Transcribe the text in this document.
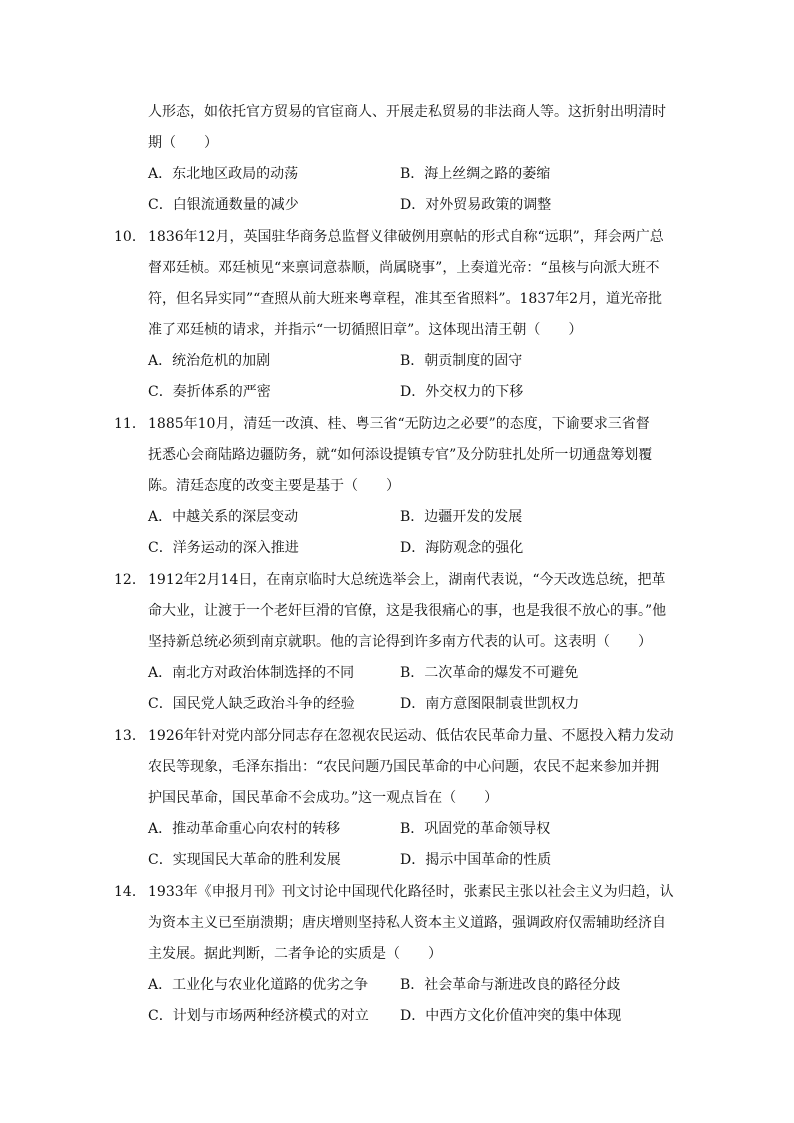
人形态，如依托官方贸易的官宦商人、开展走私贸易的非法商人等。这折射出明清时
期（　　）
A．东北地区政局的动荡	B．海上丝绸之路的萎缩
C．白银流通数量的减少	D．对外贸易政策的调整
10． 1836年12月，英国驻华商务总监督义律破例用禀帖的形式自称“远职”，拜会两广总
督邓廷桢。邓廷桢见“来禀词意恭顺，尚属晓事”，上奏道光帝：“虽核与向派大班不
符，但名异实同”“查照从前大班来粤章程，准其至省照料”。1837年2月，道光帝批
准了邓廷桢的请求，并指示“一切循照旧章”。这体现出清王朝（　　）
A．统治危机的加剧	B．朝贡制度的固守
C．奏折体系的严密	D．外交权力的下移
11． 1885年10月，清廷一改滇、桂、粤三省“无防边之必要”的态度，下谕要求三省督
抚悉心会商陆路边疆防务，就“如何添设提镇专官”及分防驻扎处所一切通盘筹划覆
陈。清廷态度的改变主要是基于（　　）
A．中越关系的深层变动	B．边疆开发的发展
C．洋务运动的深入推进	D．海防观念的强化
12． 1912年2月14日，在南京临时大总统选举会上，湖南代表说，“今天改选总统，把革
命大业，让渡于一个老奸巨滑的官僚，这是我很痛心的事，也是我很不放心的事。”他
坚持新总统必须到南京就职。他的言论得到许多南方代表的认可。这表明（　　）
A．南北方对政治体制选择的不同	B．二次革命的爆发不可避免
C．国民党人缺乏政治斗争的经验	D．南方意图限制袁世凯权力
13． 1926年针对党内部分同志存在忽视农民运动、低估农民革命力量、不愿投入精力发动
农民等现象，毛泽东指出：“农民问题乃国民革命的中心问题，农民不起来参加并拥
护国民革命，国民革命不会成功。”这一观点旨在（　　）
A．推动革命重心向农村的转移	B．巩固党的革命领导权
C．实现国民大革命的胜利发展	D．揭示中国革命的性质
14． 1933年《申报月刊》刊文讨论中国现代化路径时，张素民主张以社会主义为归趋，认
为资本主义已至崩溃期；唐庆增则坚持私人资本主义道路，强调政府仅需辅助经济自
主发展。据此判断，二者争论的实质是（　　）
A．工业化与农业化道路的优劣之争	B．社会革命与渐进改良的路径分歧
C．计划与市场两种经济模式的对立	D．中西方文化价值冲突的集中体现
